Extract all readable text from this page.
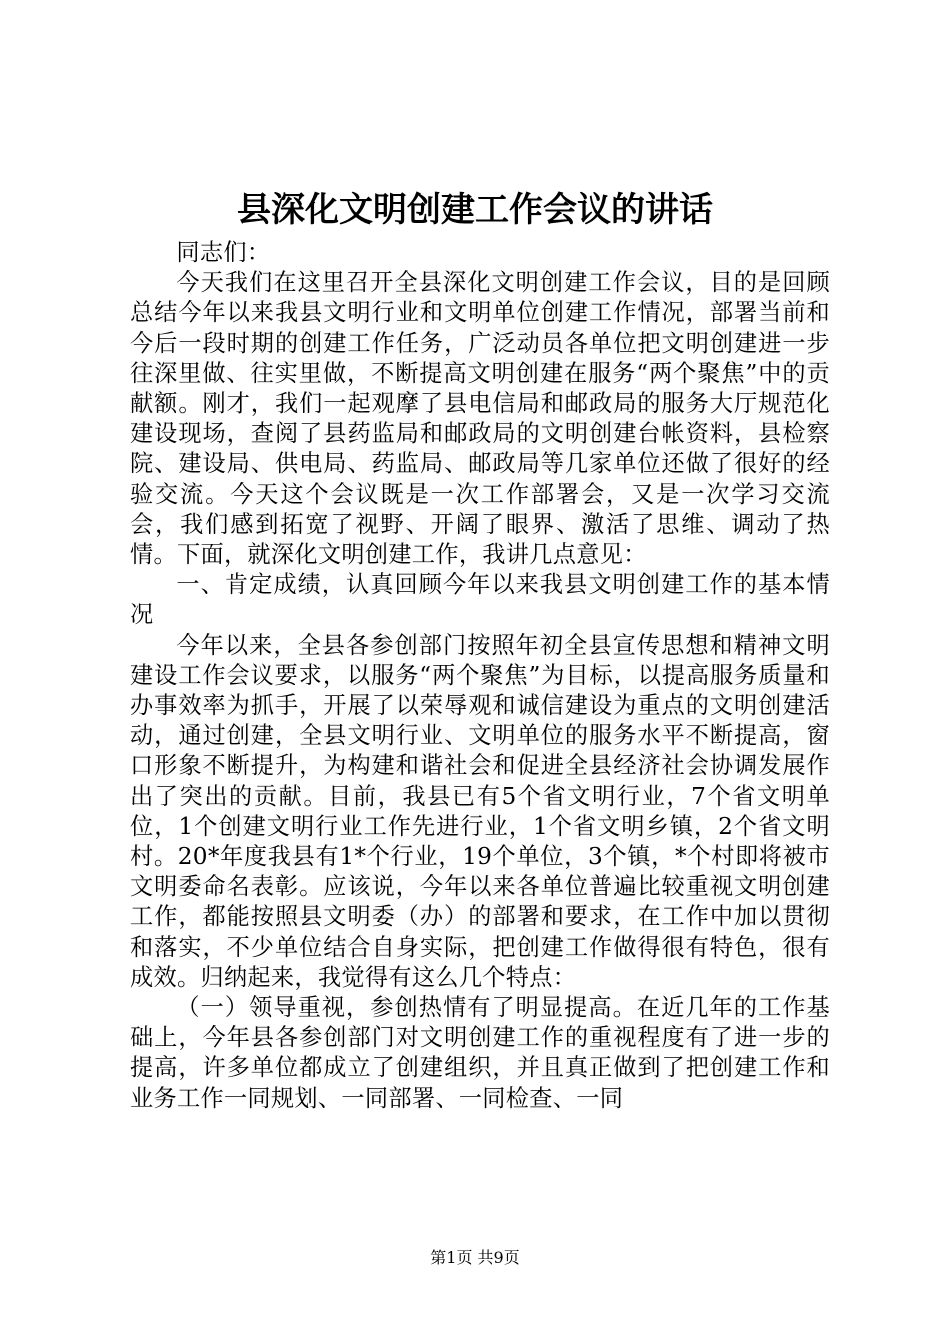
县深化文明创建工作会议的讲话

同志们：

今天我们在这里召开全县深化文明创建工作会议，目的是回顾总结今年以来我县文明行业和文明单位创建工作情况，部署当前和今后一段时期的创建工作任务，广泛动员各单位把文明创建进一步往深里做、往实里做，不断提高文明创建在服务“两个聚焦”中的贡献额。刚才，我们一起观摩了县电信局和邮政局的服务大厅规范化建设现场，查阅了县药监局和邮政局的文明创建台帐资料，县检察院、建设局、供电局、药监局、邮政局等几家单位还做了很好的经验交流。今天这个会议既是一次工作部署会，又是一次学习交流会，我们感到拓宽了视野、开阔了眼界、激活了思维、调动了热情。下面，就深化文明创建工作，我讲几点意见：

一、肯定成绩，认真回顾今年以来我县文明创建工作的基本情况

今年以来，全县各参创部门按照年初全县宣传思想和精神文明建设工作会议要求，以服务“两个聚焦”为目标，以提高服务质量和办事效率为抓手，开展了以荣辱观和诚信建设为重点的文明创建活动，通过创建，全县文明行业、文明单位的服务水平不断提高，窗口形象不断提升，为构建和谐社会和促进全县经济社会协调发展作出了突出的贡献。目前，我县已有5个省文明行业，7个省文明单位，1个创建文明行业工作先进行业，1个省文明乡镇，2个省文明村。20*年度我县有1*个行业，19个单位，3个镇，*个村即将被市文明委命名表彰。应该说，今年以来各单位普遍比较重视文明创建工作，都能按照县文明委（办）的部署和要求，在工作中加以贯彻和落实，不少单位结合自身实际，把创建工作做得很有特色，很有成效。归纳起来，我觉得有这么几个特点：

（一）领导重视，参创热情有了明显提高。在近几年的工作基础上，今年县各参创部门对文明创建工作的重视程度有了进一步的提高，许多单位都成立了创建组织，并且真正做到了把创建工作和业务工作一同规划、一同部署、一同检查、一同

第1页 共9页
